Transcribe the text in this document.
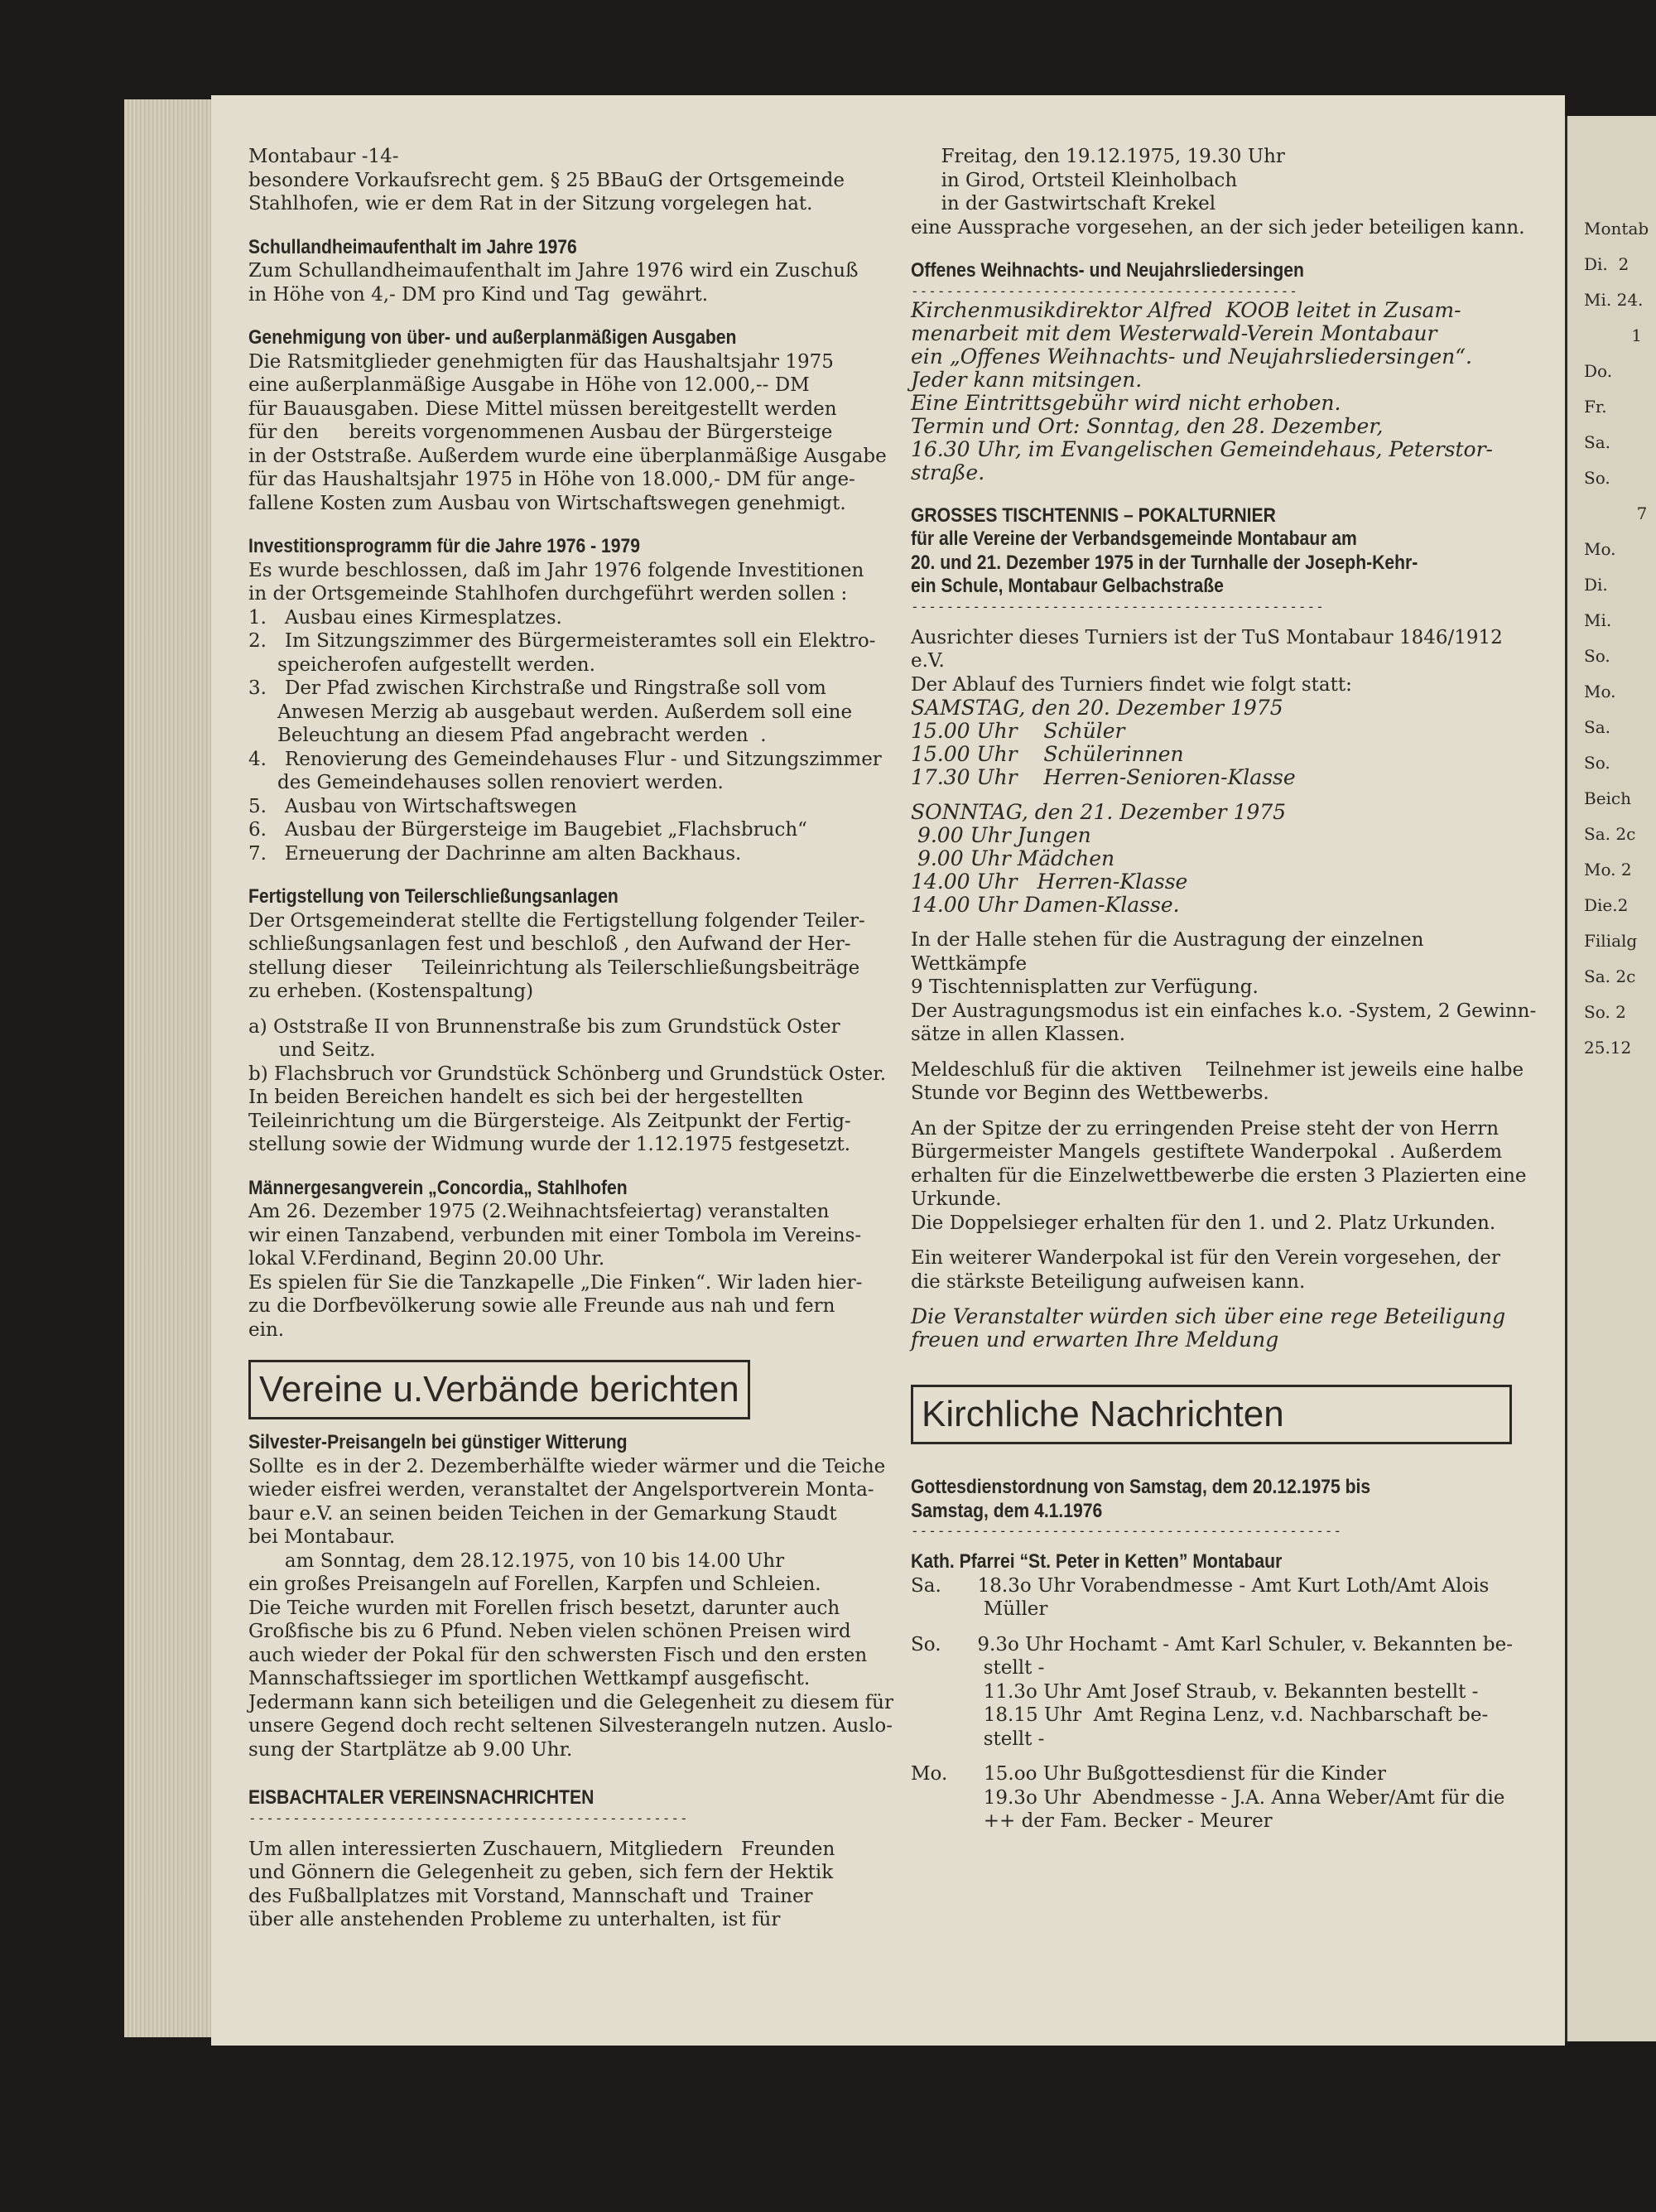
Montabaur -14-

besondere Vorkaufsrecht gem. § 25 BBauG der Ortsgemeinde
Stahlhofen, wie er dem Rat in der Sitzung vorgelegen hat.

Schullandheimaufenthalt im Jahre 1976

Zum Schullandheimaufenthalt im Jahre 1976 wird ein Zuschuß
in Höhe von 4,- DM pro Kind und Tag  gewährt.

Genehmigung von über- und außerplanmäßigen Ausgaben

Die Ratsmitglieder genehmigten für das Haushaltsjahr 1975
eine außerplanmäßige Ausgabe in Höhe von 12.000,-- DM
für Bauausgaben. Diese Mittel müssen bereitgestellt werden
für den     bereits vorgenommenen Ausbau der Bürgersteige
in der Oststraße. Außerdem wurde eine überplanmäßige Ausgabe
für das Haushaltsjahr 1975 in Höhe von 18.000,- DM für ange-
fallene Kosten zum Ausbau von Wirtschaftswegen genehmigt.

Investitionsprogramm für die Jahre 1976 - 1979

Es wurde beschlossen, daß im Jahr 1976 folgende Investitionen
in der Ortsgemeinde Stahlhofen durchgeführt werden sollen :

1.   Ausbau eines Kirmesplatzes.

2.   Im Sitzungszimmer des Bürgermeisteramtes soll ein Elektro-
speicherofen aufgestellt werden.

3.   Der Pfad zwischen Kirchstraße und Ringstraße soll vom
Anwesen Merzig ab ausgebaut werden. Außerdem soll eine
Beleuchtung an diesem Pfad angebracht werden  .

4.   Renovierung des Gemeindehauses Flur - und Sitzungszimmer
des Gemeindehauses sollen renoviert werden.

5.   Ausbau von Wirtschaftswegen

6.   Ausbau der Bürgersteige im Baugebiet „Flachsbruch“

7.   Erneuerung der Dachrinne am alten Backhaus.

Fertigstellung von Teilerschließungsanlagen

Der Ortsgemeinderat stellte die Fertigstellung folgender Teiler-
schließungsanlagen fest und beschloß , den Aufwand der Her-
stellung dieser     Teileinrichtung als Teilerschließungsbeiträge
zu erheben. (Kostenspaltung)

a) Oststraße II von Brunnenstraße bis zum Grundstück Oster
und Seitz.

b) Flachsbruch vor Grundstück Schönberg und Grundstück Oster.
In beiden Bereichen handelt es sich bei der hergestellten
Teileinrichtung um die Bürgersteige. Als Zeitpunkt der Fertig-
stellung sowie der Widmung wurde der 1.12.1975 festgesetzt.

Männergesangverein „Concordia„ Stahlhofen

Am 26. Dezember 1975 (2.Weihnachtsfeiertag) veranstalten
wir einen Tanzabend, verbunden mit einer Tombola im Vereins-
lokal V.Ferdinand, Beginn 20.00 Uhr.
Es spielen für Sie die Tanzkapelle „Die Finken“. Wir laden hier-
zu die Dorfbevölkerung sowie alle Freunde aus nah und fern
ein.

Vereine u.Verbände berichten

Silvester-Preisangeln bei günstiger Witterung

Sollte  es in der 2. Dezemberhälfte wieder wärmer und die Teiche
wieder eisfrei werden, veranstaltet der Angelsportverein Monta-
baur e.V. an seinen beiden Teichen in der Gemarkung Staudt
bei Montabaur.
am Sonntag, dem 28.12.1975, von 10 bis 14.00 Uhr
ein großes Preisangeln auf Forellen, Karpfen und Schleien.
Die Teiche wurden mit Forellen frisch besetzt, darunter auch
Großfische bis zu 6 Pfund. Neben vielen schönen Preisen wird
auch wieder der Pokal für den schwersten Fisch und den ersten
Mannschaftssieger im sportlichen Wettkampf ausgefischt.
Jedermann kann sich beteiligen und die Gelegenheit zu diesem für
unsere Gegend doch recht seltenen Silvesterangeln nutzen. Auslo-
sung der Startplätze ab 9.00 Uhr.

EISBACHTALER VEREINSNACHRICHTEN

--------------------------------------------------

Um allen interessierten Zuschauern, Mitgliedern   Freunden
und Gönnern die Gelegenheit zu geben, sich fern der Hektik
des Fußballplatzes mit Vorstand, Mannschaft und  Trainer
über alle anstehenden Probleme zu unterhalten, ist für

Freitag, den 19.12.1975, 19.30 Uhr
in Girod, Ortsteil Kleinholbach
in der Gastwirtschaft Krekel
eine Aussprache vorgesehen, an der sich jeder beteiligen kann.

Offenes Weihnachts- und Neujahrsliedersingen

--------------------------------------------

Kirchenmusikdirektor Alfred  KOOB leitet in Zusam-
menarbeit mit dem Westerwald-Verein Montabaur
ein „Offenes Weihnachts- und Neujahrsliedersingen“.
Jeder kann mitsingen.
Eine Eintrittsgebühr wird nicht erhoben.
Termin und Ort: Sonntag, den 28. Dezember,
16.30 Uhr, im Evangelischen Gemeindehaus, Peterstor-
straße.

GROSSES TISCHTENNIS – POKALTURNIER

für alle Vereine der Verbandsgemeinde Montabaur am

20. und 21. Dezember 1975 in der Turnhalle der Joseph-Kehr-

ein Schule, Montabaur Gelbachstraße

-----------------------------------------------

Ausrichter dieses Turniers ist der TuS Montabaur 1846/1912
e.V.
Der Ablauf des Turniers findet wie folgt statt:

SAMSTAG, den 20. Dezember 1975
15.00 Uhr    Schüler
15.00 Uhr    Schülerinnen
17.30 Uhr    Herren-Senioren-Klasse

SONNTAG, den 21. Dezember 1975
9.00 Uhr Jungen
9.00 Uhr Mädchen
14.00 Uhr   Herren-Klasse
14.00 Uhr Damen-Klasse.

In der Halle stehen für die Austragung der einzelnen Wettkämpfe
9 Tischtennisplatten zur Verfügung.
Der Austragungsmodus ist ein einfaches k.o. -System, 2 Gewinn-
sätze in allen Klassen.

Meldeschluß für die aktiven    Teilnehmer ist jeweils eine halbe
Stunde vor Beginn des Wettbewerbs.

An der Spitze der zu erringenden Preise steht der von Herrn
Bürgermeister Mangels  gestiftete Wanderpokal  . Außerdem
erhalten für die Einzelwettbewerbe die ersten 3 Plazierten eine
Urkunde.
Die Doppelsieger erhalten für den 1. und 2. Platz Urkunden.

Ein weiterer Wanderpokal ist für den Verein vorgesehen, der
die stärkste Beteiligung aufweisen kann.

Die Veranstalter würden sich über eine rege Beteiligung
freuen und erwarten Ihre Meldung

Kirchliche Nachrichten

Gottesdienstordnung von Samstag, dem 20.12.1975 bis

Samstag, dem 4.1.1976

-------------------------------------------------

Kath. Pfarrei “St. Peter in Ketten” Montabaur

Sa.      18.3o Uhr Vorabendmesse - Amt Kurt Loth/Amt Alois
Müller

So.      9.3o Uhr Hochamt - Amt Karl Schuler, v. Bekannten be-
stellt -
11.3o Uhr Amt Josef Straub, v. Bekannten bestellt -
18.15 Uhr  Amt Regina Lenz, v.d. Nachbarschaft be-
stellt -

Mo.      15.oo Uhr Bußgottesdienst für die Kinder
19.3o Uhr  Abendmesse - J.A. Anna Weber/Amt für die
++ der Fam. Becker - Meurer

Montab

Di.  2

Mi. 24.

1

Do.

Fr.

Sa.

So.

7

Mo.

Di.

Mi.

So.

Mo.

Sa.

So.

Beich

Sa. 2c

Mo. 2

Die.2

Filialg

Sa. 2c

So. 2

25.12
